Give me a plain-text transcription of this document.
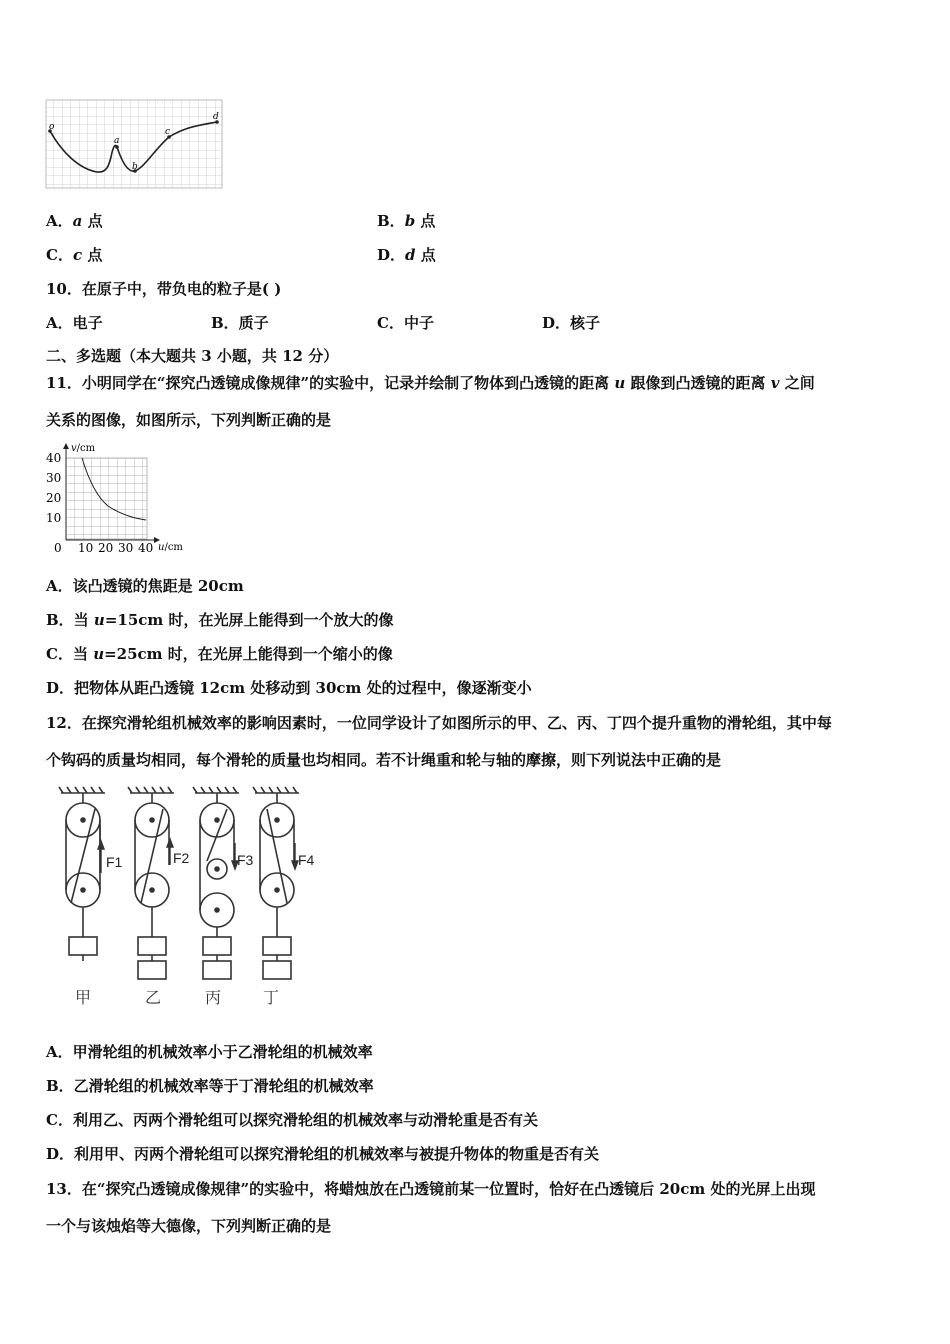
o
a
b
c
d
A．a 点	B．b 点
C．c 点	D．d 点
10．在原子中，带负电的粒子是( )
A．电子	B．质子	C．中子	D．核子
二、多选题（本大题共 3 小题，共 12 分）
11．小明同学在“探究凸透镜成像规律”的实验中，记录并绘制了物体到凸透镜的距离 u 跟像到凸透镜的距离 v 之间
关系的图像，如图所示，下列判断正确的是
v/cm
40
30
20
10
0 10 20 30 40 u/cm
A．该凸透镜的焦距是 20cm
B．当 u=15cm 时，在光屏上能得到一个放大的像
C．当 u=25cm 时，在光屏上能得到一个缩小的像
D．把物体从距凸透镜 12cm 处移动到 30cm 处的过程中，像逐渐变小
12．在探究滑轮组机械效率的影响因素时，一位同学设计了如图所示的甲、乙、丙、丁四个提升重物的滑轮组，其中每
个钩码的质量均相同，每个滑轮的质量也均相同。若不计绳重和轮与轴的摩擦，则下列说法中正确的是
F1	F2	F3	F4
甲	乙	丙	丁
A．甲滑轮组的机械效率小于乙滑轮组的机械效率
B．乙滑轮组的机械效率等于丁滑轮组的机械效率
C．利用乙、丙两个滑轮组可以探究滑轮组的机械效率与动滑轮重是否有关
D．利用甲、丙两个滑轮组可以探究滑轮组的机械效率与被提升物体的物重是否有关
13．在“探究凸透镜成像规律”的实验中，将蜡烛放在凸透镜前某一位置时，恰好在凸透镜后 20cm 处的光屏上出现
一个与该烛焰等大德像，下列判断正确的是
